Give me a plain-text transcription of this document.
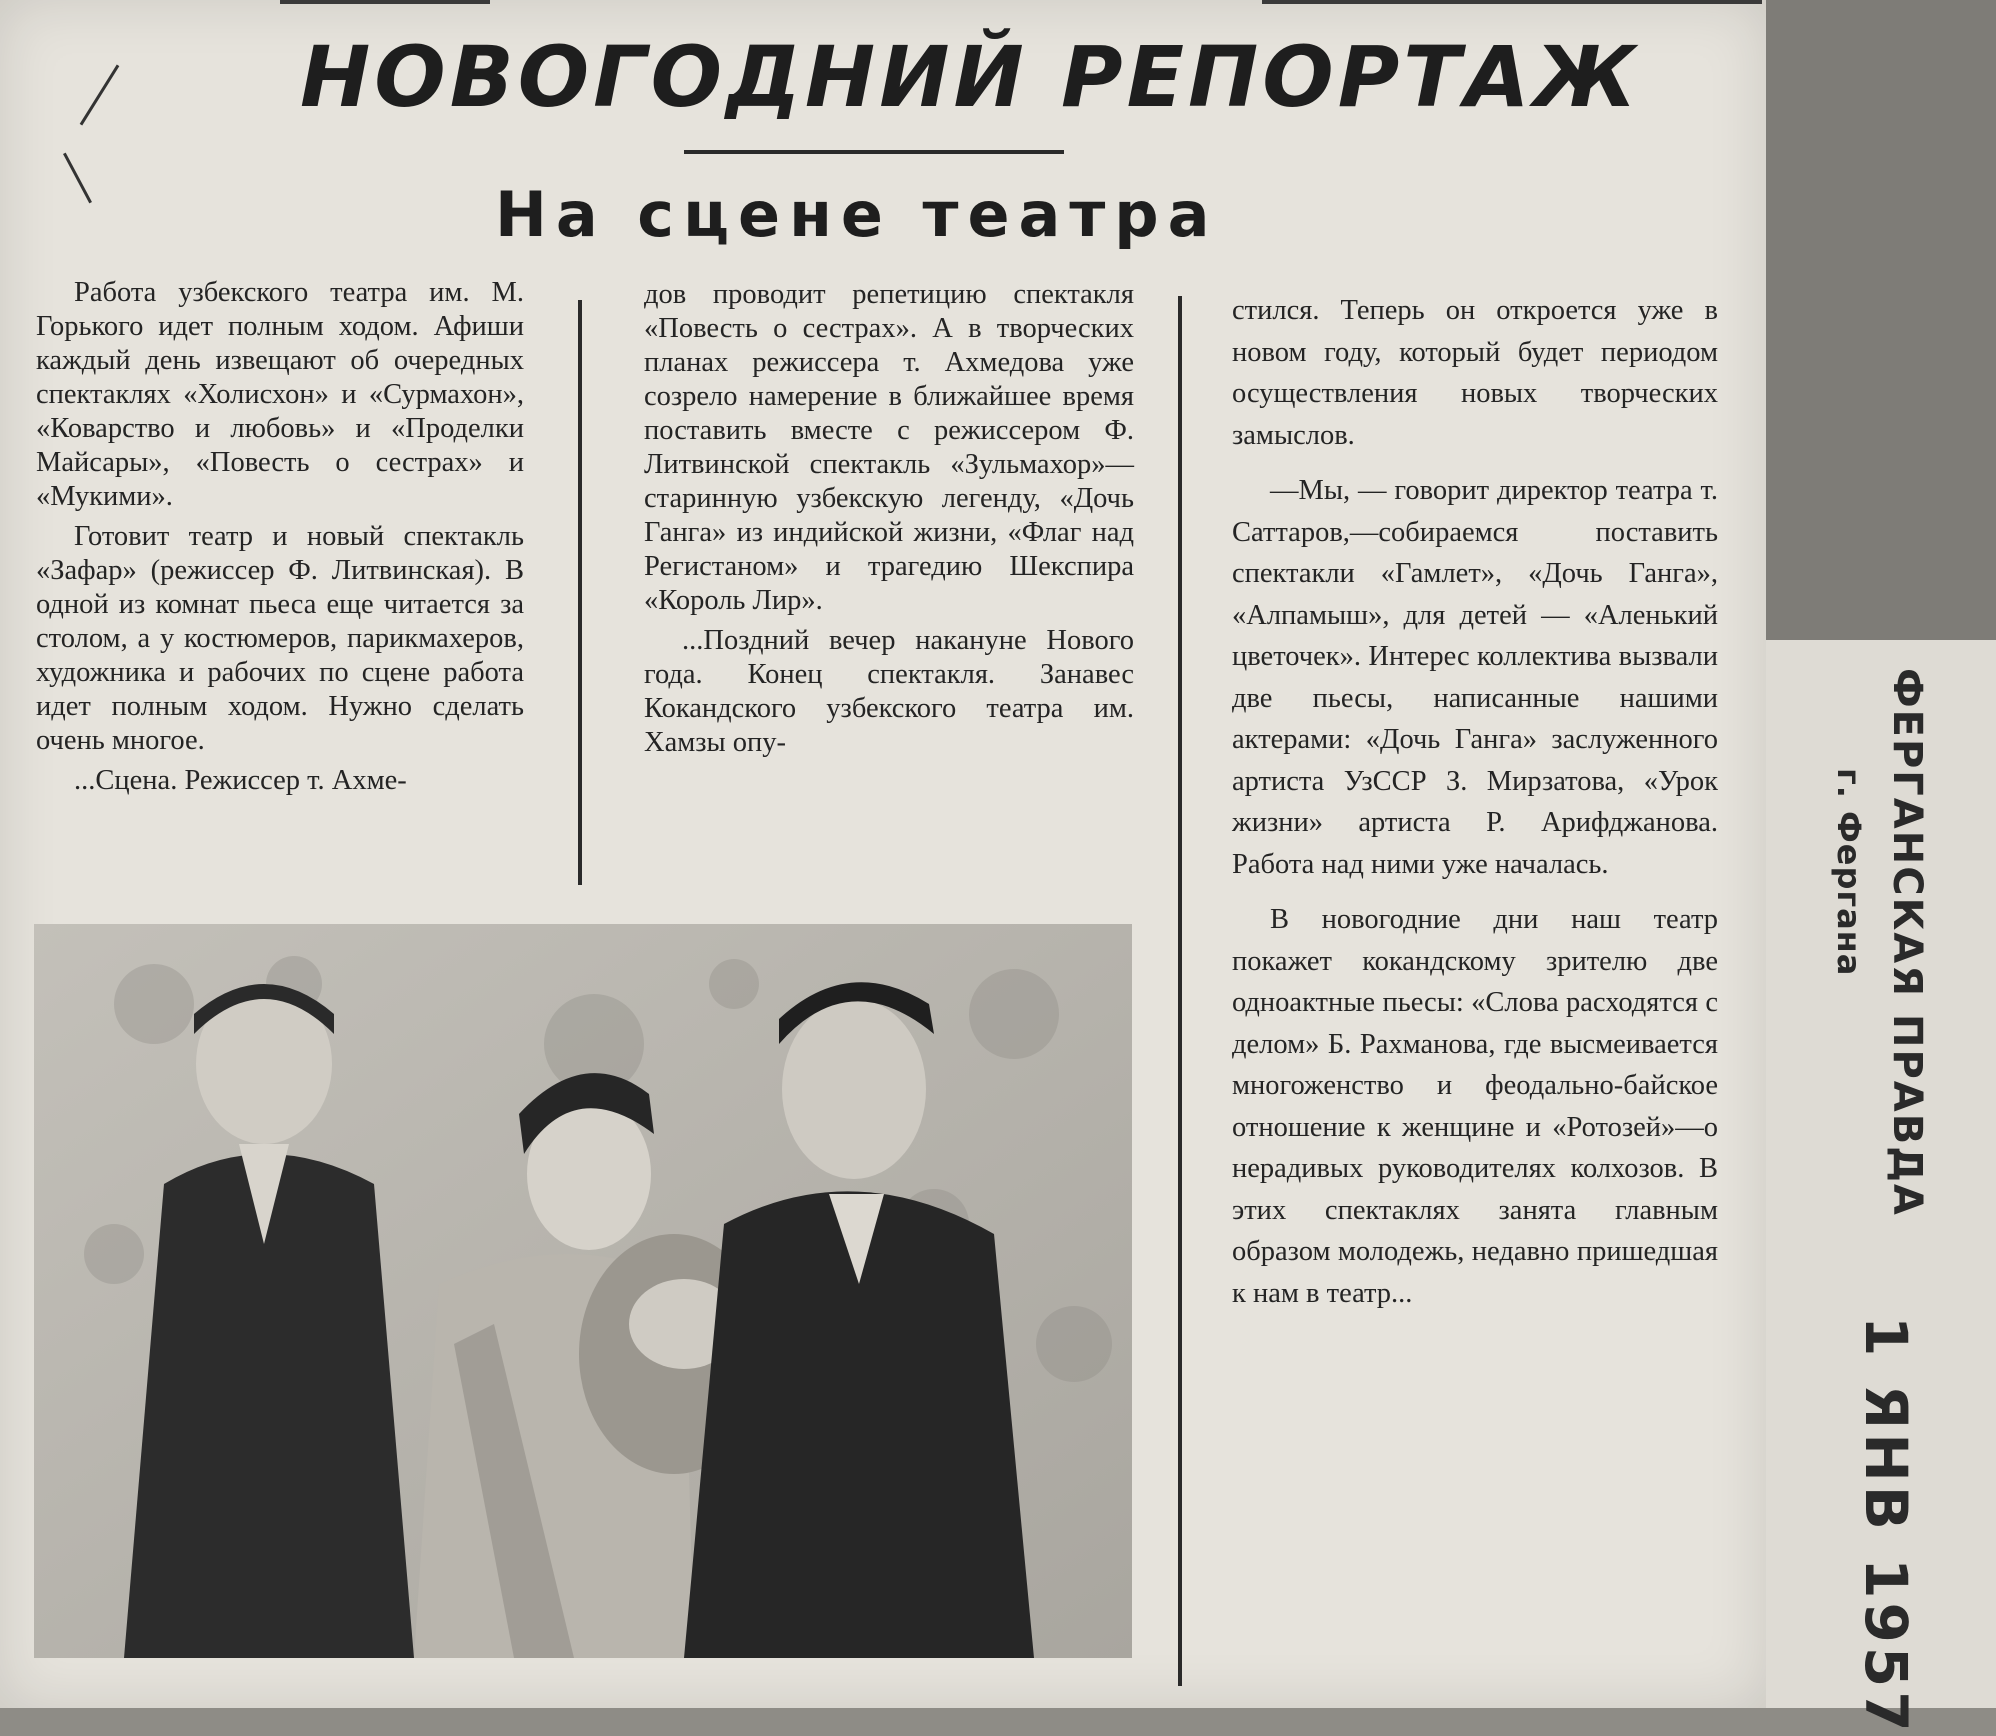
НОВОГОДНИЙ РЕПОРТАЖ
На сцене театра

Работа узбекского театра им. М. Горького идет полным ходом. Афиши каждый день извещают об очередных спектаклях «Холисхон» и «Сурмахон», «Коварство и любовь» и «Проделки Майсары», «Повесть о сестрах» и «Мукими».

Готовит театр и новый спектакль «Зафар» (режиссер Ф. Литвинская). В одной из комнат пьеса еще читается за столом, а у костюмеров, парикмахеров, художника и рабочих по сцене работа идет полным ходом. Нужно сделать очень многое.

...Сцена. Режиссер т. Ахме-

дов проводит репетицию спектакля «Повесть о сестрах». А в творческих планах режиссера т. Ахмедова уже созрело намерение в ближайшее время поставить вместе с режиссером Ф. Литвинской спектакль «Зульмахор»—старинную узбекскую легенду, «Дочь Ганга» из индийской жизни, «Флаг над Регистаном» и трагедию Шекспира «Король Лир».

...Поздний вечер накануне Нового года. Конец спектакля. Занавес Кокандского узбекского театра им. Хамзы опу-

стился. Теперь он откроется уже в новом году, который будет периодом осуществления новых творческих замыслов.

—Мы, — говорит директор театра т. Саттаров,—собираемся поставить спектакли «Гамлет», «Дочь Ганга», «Алпамыш», для детей — «Аленький цветочек». Интерес коллектива вызвали две пьесы, написанные нашими актерами: «Дочь Ганга» заслуженного артиста УзССР З. Мирзатова, «Урок жизни» артиста Р. Арифджанова. Работа над ними уже началась.

В новогодние дни наш театр покажет кокандскому зрителю две одноактные пьесы: «Слова расходятся с делом» Б. Рахманова, где высмеивается многоженство и феодально-байское отношение к женщине и «Ротозей»—о нерадивых руководителях колхозов. В этих спектаклях занята главным образом молодежь, недавно пришедшая к нам в театр...

ФЕРГАНСКАЯ ПРАВДА
г. Фергана
1 ЯНВ 1957
